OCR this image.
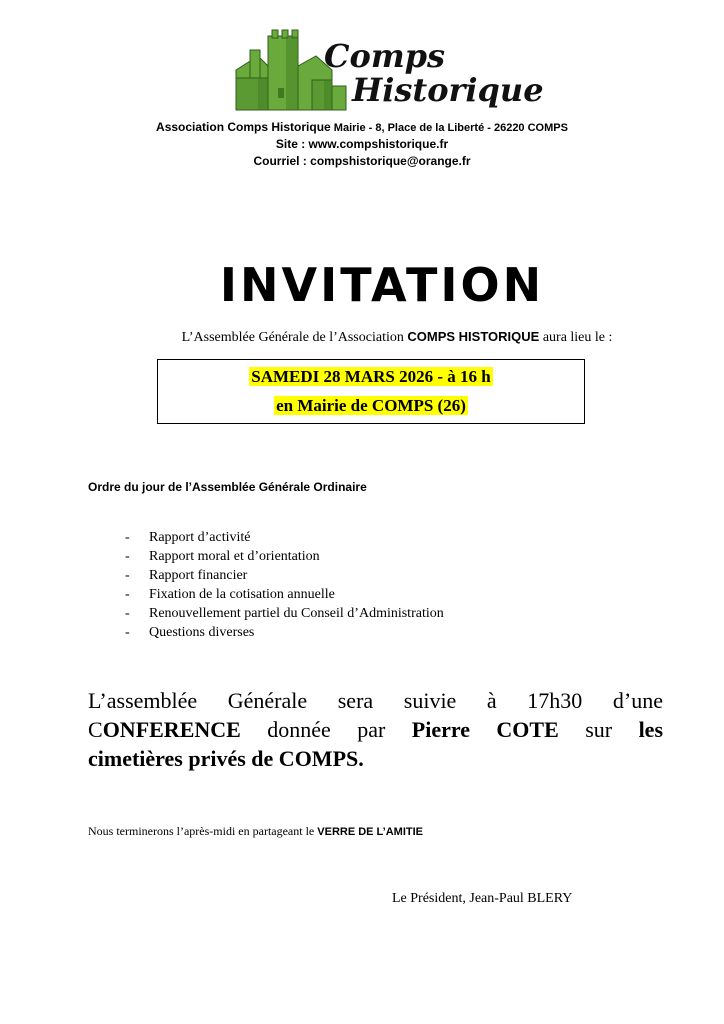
Comps
Historique
Association Comps Historique Mairie - 8, Place de la Liberté - 26220 COMPS
Site : www.compshistorique.fr
Courriel : compshistorique@orange.fr
INVITATION
L’Assemblée Générale de l’Association COMPS HISTORIQUE aura lieu le :
SAMEDI 28 MARS 2026 - à 16 h
en Mairie de COMPS (26)
Ordre du jour de l’Assemblée Générale Ordinaire
- Rapport d’activité
- Rapport moral et d’orientation
- Rapport financier
- Fixation de la cotisation annuelle
- Renouvellement partiel du Conseil d’Administration
- Questions diverses
L’assemblée Générale sera suivie à 17h30 d’une
CONFERENCE donnée par Pierre COTE sur les
cimetières privés de COMPS.
Nous terminerons l’après-midi en partageant le VERRE DE L’AMITIE
Le Président, Jean-Paul BLERY
